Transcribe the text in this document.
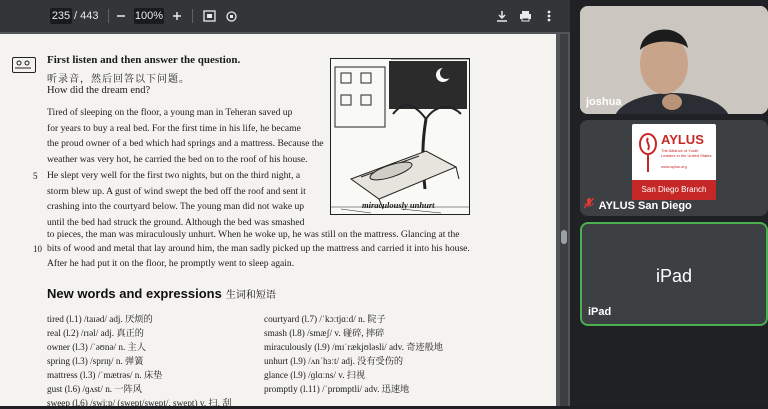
235 / 443	100%
First listen and then answer the question.
听录音，然后回答以下问题。
How did the dream end?
Tired of sleeping on the floor, a young man in Teheran saved up
for years to buy a real bed. For the first time in his life, he became
the proud owner of a bed which had springs and a mattress. Because the
weather was very hot, he carried the bed on to the roof of his house.
He slept very well for the first two nights, but on the third night, a
5
storm blew up. A gust of wind swept the bed off the roof and sent it
crashing into the courtyard below. The young man did not wake up
until the bed had struck the ground. Although the bed was smashed
to pieces, the man was miraculously unhurt. When he woke up, he was still on the mattress. Glancing at the
bits of wood and metal that lay around him, the man sadly picked up the mattress and carried it into his house.
10
After he had put it on the floor, he promptly went to sleep again.
miraculously unhurt
New words and expressions 生词和短语
tired (l.1) /taɪəd/ adj. 厌烦的
real (l.2) /rɪəl/ adj. 真正的
owner (l.3) /ˈəʊnə/ n. 主人
spring (l.3) /sprɪŋ/ n. 弹簧
mattress (l.3) /ˈmætrəs/ n. 床垫
gust (l.6) /ɡʌst/ n. 一阵风
sweep (l.6) /swiːp/ (swept/swept/, swept) v. 扫, 刮
courtyard (l.7) /ˈkɔːtjɑːd/ n. 院子
smash (l.8) /smæʃ/ v. 碰碎, 摔碎
miraculously (l.9) /mɪˈrækjʊləsli/ adv. 奇迹般地
unhurt (l.9) /ʌnˈhɜːt/ adj. 没有受伤的
glance (l.9) /ɡlɑːns/ v. 扫视
promptly (l.11) /ˈprɒmptli/ adv. 迅速地
joshua
AYLUS
The Alliance of Youth Leaders in the United States
www.aylus.org
San Diego Branch
AYLUS San Diego
iPad
iPad
